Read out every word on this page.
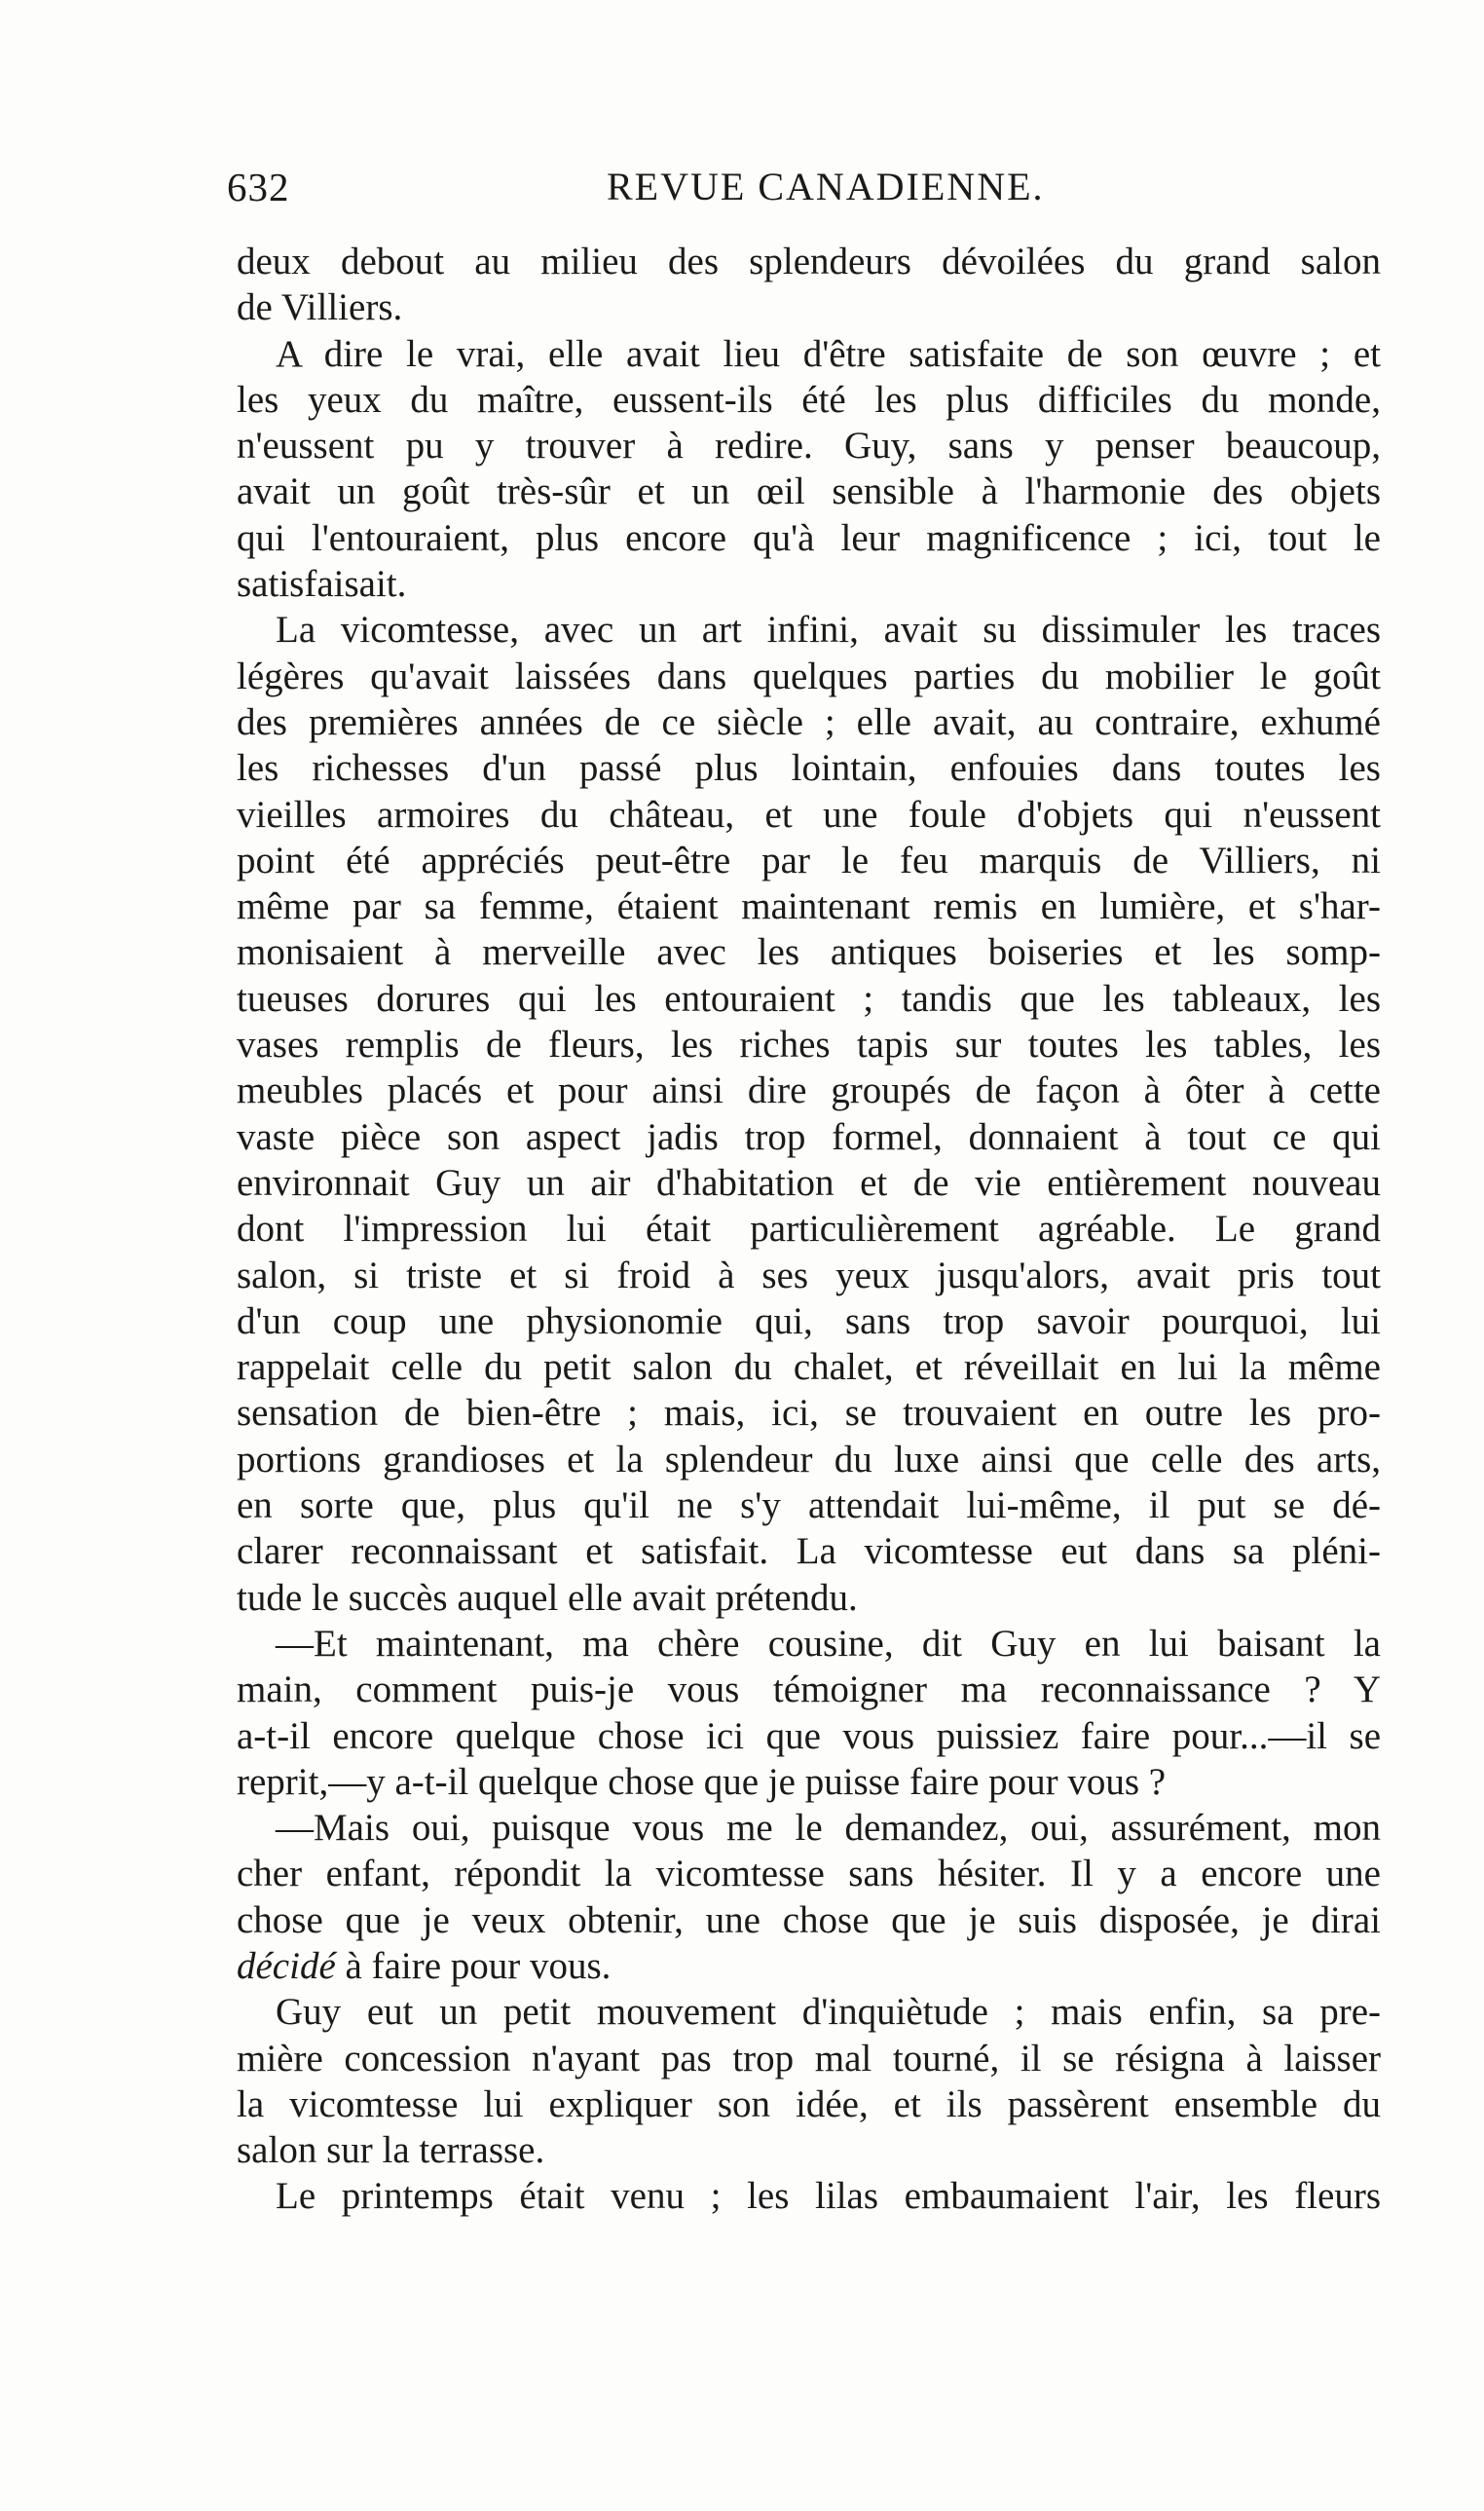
632	REVUE CANADIENNE.
deux debout au milieu des splendeurs dévoilées du grand salon
de Villiers.
A dire le vrai, elle avait lieu d'être satisfaite de son œuvre ; et
les yeux du maître, eussent-ils été les plus difficiles du monde,
n'eussent pu y trouver à redire. Guy, sans y penser beaucoup,
avait un goût très-sûr et un œil sensible à l'harmonie des objets
qui l'entouraient, plus encore qu'à leur magnificence ; ici, tout le
satisfaisait.
La vicomtesse, avec un art infini, avait su dissimuler les traces
légères qu'avait laissées dans quelques parties du mobilier le goût
des premières années de ce siècle ; elle avait, au contraire, exhumé
les richesses d'un passé plus lointain, enfouies dans toutes les
vieilles armoires du château, et une foule d'objets qui n'eussent
point été appréciés peut-être par le feu marquis de Villiers, ni
même par sa femme, étaient maintenant remis en lumière, et s'har-
monisaient à merveille avec les antiques boiseries et les somp-
tueuses dorures qui les entouraient ; tandis que les tableaux, les
vases remplis de fleurs, les riches tapis sur toutes les tables, les
meubles placés et pour ainsi dire groupés de façon à ôter à cette
vaste pièce son aspect jadis trop formel, donnaient à tout ce qui
environnait Guy un air d'habitation et de vie entièrement nouveau
dont l'impression lui était particulièrement agréable. Le grand
salon, si triste et si froid à ses yeux jusqu'alors, avait pris tout
d'un coup une physionomie qui, sans trop savoir pourquoi, lui
rappelait celle du petit salon du chalet, et réveillait en lui la même
sensation de bien-être ; mais, ici, se trouvaient en outre les pro-
portions grandioses et la splendeur du luxe ainsi que celle des arts,
en sorte que, plus qu'il ne s'y attendait lui-même, il put se dé-
clarer reconnaissant et satisfait. La vicomtesse eut dans sa pléni-
tude le succès auquel elle avait prétendu.
—Et maintenant, ma chère cousine, dit Guy en lui baisant la
main, comment puis-je vous témoigner ma reconnaissance ? Y
a-t-il encore quelque chose ici que vous puissiez faire pour...—il se
reprit,—y a-t-il quelque chose que je puisse faire pour vous ?
—Mais oui, puisque vous me le demandez, oui, assurément, mon
cher enfant, répondit la vicomtesse sans hésiter. Il y a encore une
chose que je veux obtenir, une chose que je suis disposée, je dirai
décidé à faire pour vous.
Guy eut un petit mouvement d'inquiètude ; mais enfin, sa pre-
mière concession n'ayant pas trop mal tourné, il se résigna à laisser
la vicomtesse lui expliquer son idée, et ils passèrent ensemble du
salon sur la terrasse.
Le printemps était venu ; les lilas embaumaient l'air, les fleurs
